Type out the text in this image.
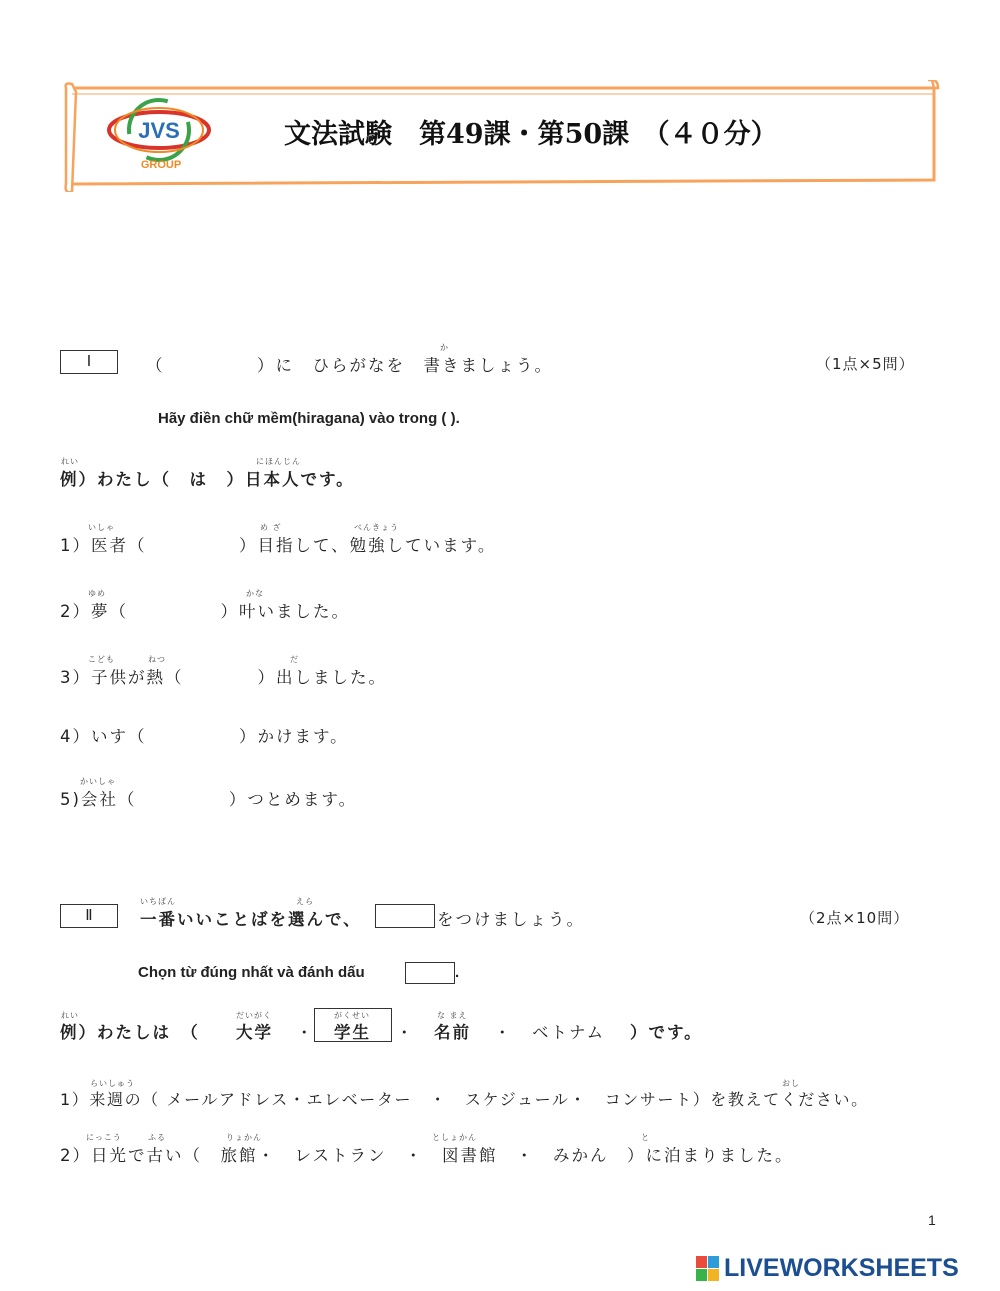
JVS
GROUP
文法試験　第49課・第50課　（４０分）
Ⅰ
か
（　　　　　）に　ひらがなを　書きましょう。	（1点×5問）
Hãy điền chữ mềm(hiragana) vào trong ( ).
れい	にほんじん
例）わたし（　は　）日本人です。
いしゃ	め ざ	べんきょう
1）医者（　　　　　）目指して、勉強しています。
ゆめ	かな
2）夢（　　　　　）叶いました。
こども	ねつ	だ
3）子供が熱（　　　　）出しました。
4）いす（　　　　　）かけます。
かいしゃ
5)会社（　　　　　）つとめます。
Ⅱ
いちばん	えら
一番いいことばを選んで、	をつけましょう。	（2点×10問）
Chọn từ đúng nhất và đánh dấu	.
れい	だいがく	がくせい	な まえ
例）わたしは　（ 大学 ・ 学生 ・ 名前 ・ ベトナム ）です。
らいしゅう	おし
1）来週の（ メールアドレス・エレベーター　・　スケジュール・　コンサート）を教えてください。
にっこう	ふる	りょかん	としょかん	と
2）日光で古い（　旅館・　レストラン　・　図書館　・　みかん　）に泊まりました。
1
LIVEWORKSHEETS
